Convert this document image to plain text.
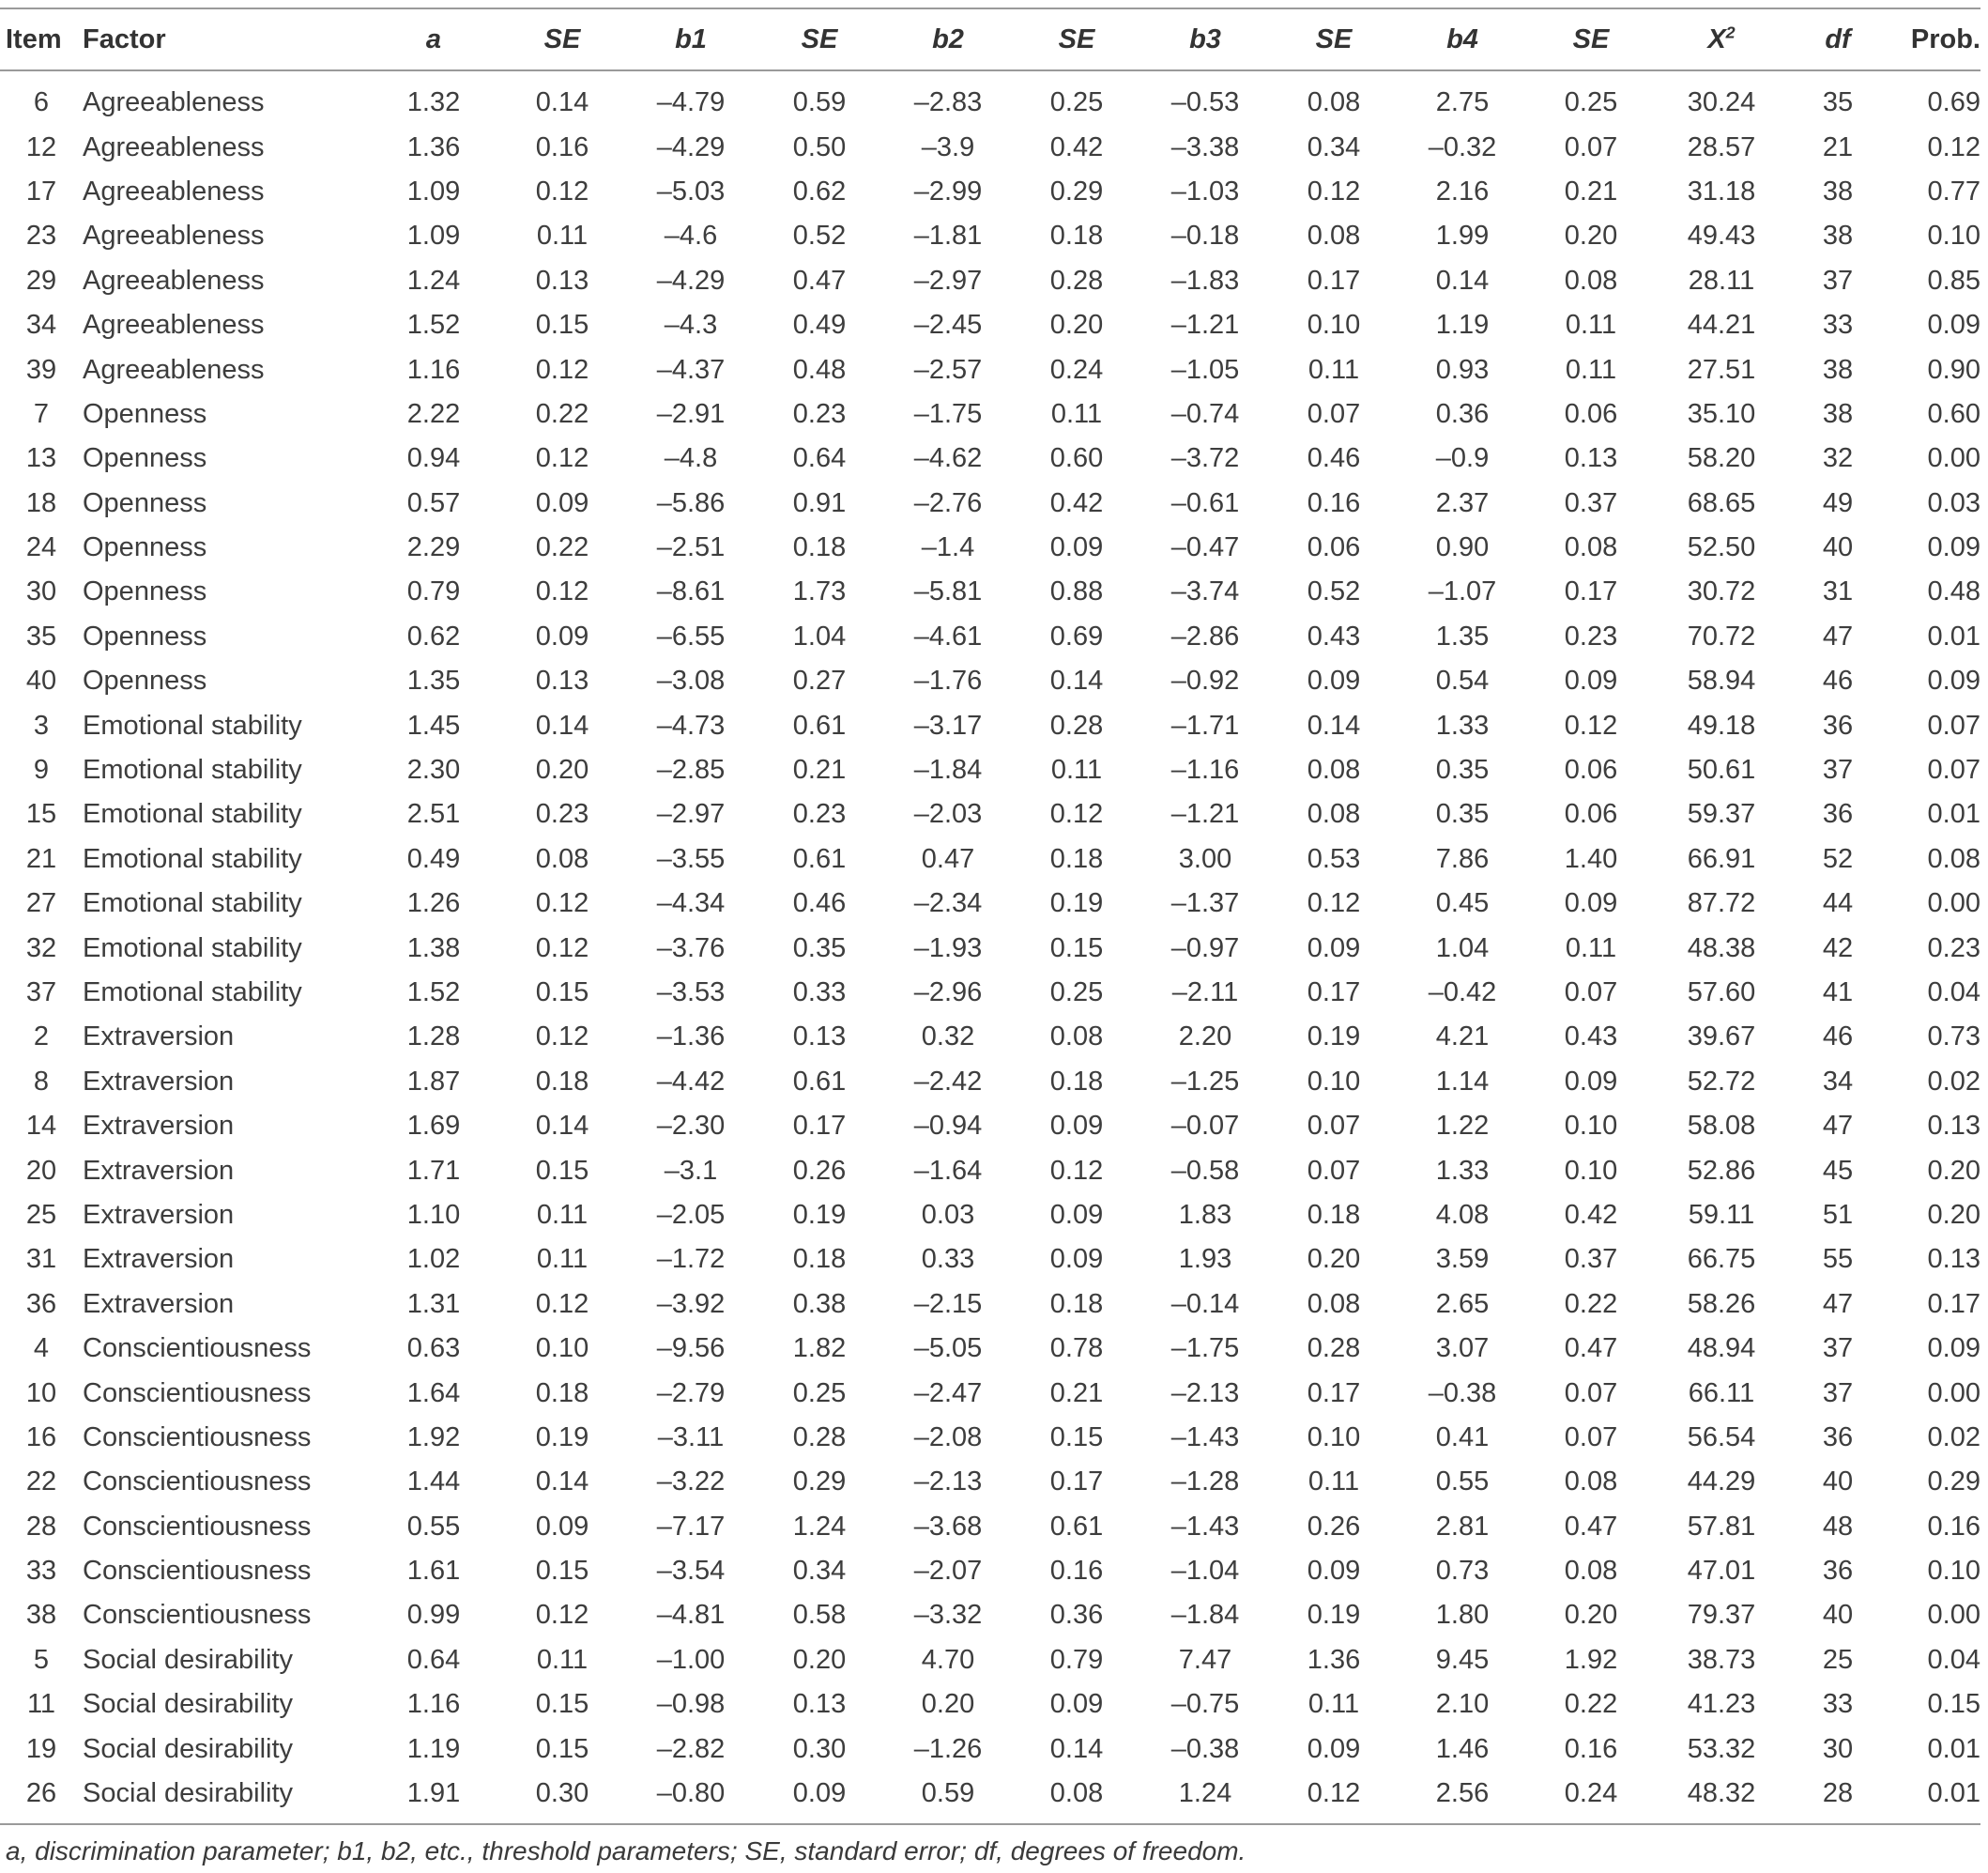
Item	Factor	a	SE	b1	SE	b2	SE	b3	SE	b4	SE	$X^2$	df	Prob.
6	Agreeableness	1.32	0.14	–4.79	0.59	–2.83	0.25	–0.53	0.08	2.75	0.25	30.24	35	0.69
12	Agreeableness	1.36	0.16	–4.29	0.50	–3.9	0.42	–3.38	0.34	–0.32	0.07	28.57	21	0.12
17	Agreeableness	1.09	0.12	–5.03	0.62	–2.99	0.29	–1.03	0.12	2.16	0.21	31.18	38	0.77
23	Agreeableness	1.09	0.11	–4.6	0.52	–1.81	0.18	–0.18	0.08	1.99	0.20	49.43	38	0.10
29	Agreeableness	1.24	0.13	–4.29	0.47	–2.97	0.28	–1.83	0.17	0.14	0.08	28.11	37	0.85
34	Agreeableness	1.52	0.15	–4.3	0.49	–2.45	0.20	–1.21	0.10	1.19	0.11	44.21	33	0.09
39	Agreeableness	1.16	0.12	–4.37	0.48	–2.57	0.24	–1.05	0.11	0.93	0.11	27.51	38	0.90
7	Openness	2.22	0.22	–2.91	0.23	–1.75	0.11	–0.74	0.07	0.36	0.06	35.10	38	0.60
13	Openness	0.94	0.12	–4.8	0.64	–4.62	0.60	–3.72	0.46	–0.9	0.13	58.20	32	0.00
18	Openness	0.57	0.09	–5.86	0.91	–2.76	0.42	–0.61	0.16	2.37	0.37	68.65	49	0.03
24	Openness	2.29	0.22	–2.51	0.18	–1.4	0.09	–0.47	0.06	0.90	0.08	52.50	40	0.09
30	Openness	0.79	0.12	–8.61	1.73	–5.81	0.88	–3.74	0.52	–1.07	0.17	30.72	31	0.48
35	Openness	0.62	0.09	–6.55	1.04	–4.61	0.69	–2.86	0.43	1.35	0.23	70.72	47	0.01
40	Openness	1.35	0.13	–3.08	0.27	–1.76	0.14	–0.92	0.09	0.54	0.09	58.94	46	0.09
3	Emotional stability	1.45	0.14	–4.73	0.61	–3.17	0.28	–1.71	0.14	1.33	0.12	49.18	36	0.07
9	Emotional stability	2.30	0.20	–2.85	0.21	–1.84	0.11	–1.16	0.08	0.35	0.06	50.61	37	0.07
15	Emotional stability	2.51	0.23	–2.97	0.23	–2.03	0.12	–1.21	0.08	0.35	0.06	59.37	36	0.01
21	Emotional stability	0.49	0.08	–3.55	0.61	0.47	0.18	3.00	0.53	7.86	1.40	66.91	52	0.08
27	Emotional stability	1.26	0.12	–4.34	0.46	–2.34	0.19	–1.37	0.12	0.45	0.09	87.72	44	0.00
32	Emotional stability	1.38	0.12	–3.76	0.35	–1.93	0.15	–0.97	0.09	1.04	0.11	48.38	42	0.23
37	Emotional stability	1.52	0.15	–3.53	0.33	–2.96	0.25	–2.11	0.17	–0.42	0.07	57.60	41	0.04
2	Extraversion	1.28	0.12	–1.36	0.13	0.32	0.08	2.20	0.19	4.21	0.43	39.67	46	0.73
8	Extraversion	1.87	0.18	–4.42	0.61	–2.42	0.18	–1.25	0.10	1.14	0.09	52.72	34	0.02
14	Extraversion	1.69	0.14	–2.30	0.17	–0.94	0.09	–0.07	0.07	1.22	0.10	58.08	47	0.13
20	Extraversion	1.71	0.15	–3.1	0.26	–1.64	0.12	–0.58	0.07	1.33	0.10	52.86	45	0.20
25	Extraversion	1.10	0.11	–2.05	0.19	0.03	0.09	1.83	0.18	4.08	0.42	59.11	51	0.20
31	Extraversion	1.02	0.11	–1.72	0.18	0.33	0.09	1.93	0.20	3.59	0.37	66.75	55	0.13
36	Extraversion	1.31	0.12	–3.92	0.38	–2.15	0.18	–0.14	0.08	2.65	0.22	58.26	47	0.17
4	Conscientiousness	0.63	0.10	–9.56	1.82	–5.05	0.78	–1.75	0.28	3.07	0.47	48.94	37	0.09
10	Conscientiousness	1.64	0.18	–2.79	0.25	–2.47	0.21	–2.13	0.17	–0.38	0.07	66.11	37	0.00
16	Conscientiousness	1.92	0.19	–3.11	0.28	–2.08	0.15	–1.43	0.10	0.41	0.07	56.54	36	0.02
22	Conscientiousness	1.44	0.14	–3.22	0.29	–2.13	0.17	–1.28	0.11	0.55	0.08	44.29	40	0.29
28	Conscientiousness	0.55	0.09	–7.17	1.24	–3.68	0.61	–1.43	0.26	2.81	0.47	57.81	48	0.16
33	Conscientiousness	1.61	0.15	–3.54	0.34	–2.07	0.16	–1.04	0.09	0.73	0.08	47.01	36	0.10
38	Conscientiousness	0.99	0.12	–4.81	0.58	–3.32	0.36	–1.84	0.19	1.80	0.20	79.37	40	0.00
5	Social desirability	0.64	0.11	–1.00	0.20	4.70	0.79	7.47	1.36	9.45	1.92	38.73	25	0.04
11	Social desirability	1.16	0.15	–0.98	0.13	0.20	0.09	–0.75	0.11	2.10	0.22	41.23	33	0.15
19	Social desirability	1.19	0.15	–2.82	0.30	–1.26	0.14	–0.38	0.09	1.46	0.16	53.32	30	0.01
26	Social desirability	1.91	0.30	–0.80	0.09	0.59	0.08	1.24	0.12	2.56	0.24	48.32	28	0.01
a, discrimination parameter; b1, b2, etc., threshold parameters; SE, standard error; df, degrees of freedom.
